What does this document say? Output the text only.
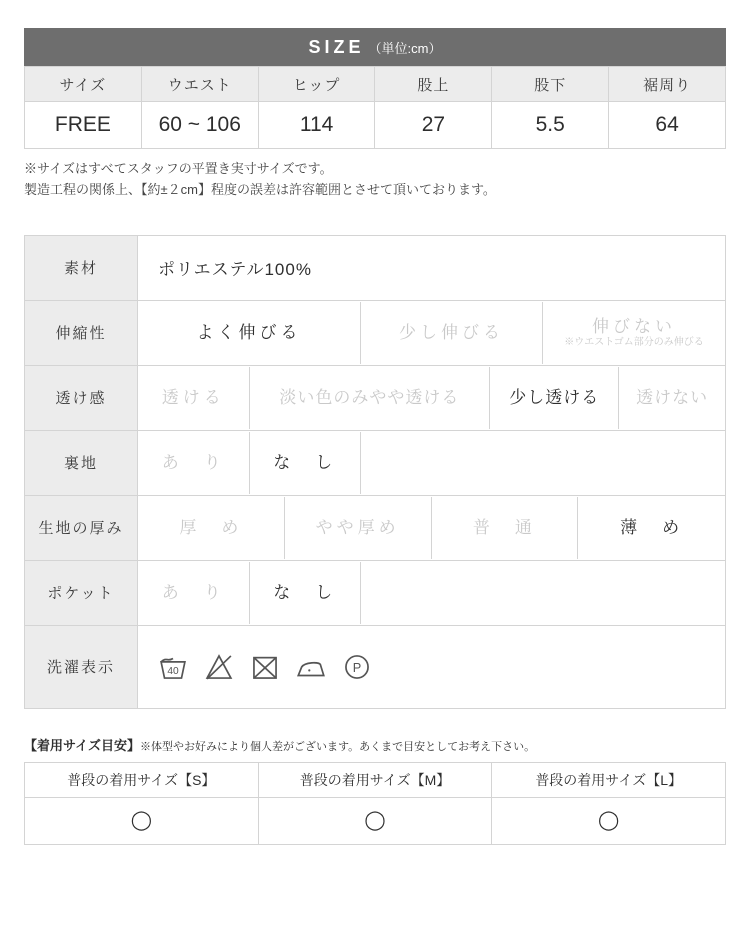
SIZE （単位:cm）
サイズ	ウエスト	ヒップ	股上	股下	裾周り
FREE	60 ~ 106	114	27	5.5	64
※サイズはすべてスタッフの平置き実寸サイズです。
製造工程の関係上、【約±２cm】程度の誤差は許容範囲とさせて頂いております。
素材	ポリエステル100%

伸縮性	よく伸びる 少し伸びる 伸びない
※ウエストゴム部分のみ伸びる

透け感	透ける 淡い色のみやや透ける 少し透ける 透けない

裏地	あ　り な　し

生地の厚み	厚　め やや厚め 普　通 薄　め

ポケット	あ　り な　し

洗濯表示	40 P
【着用サイズ目安】※体型やお好みにより個人差がございます。あくまで目安としてお考え下さい。
普段の着用サイズ【S】	普段の着用サイズ【M】	普段の着用サイズ【L】
◯	◯	◯
